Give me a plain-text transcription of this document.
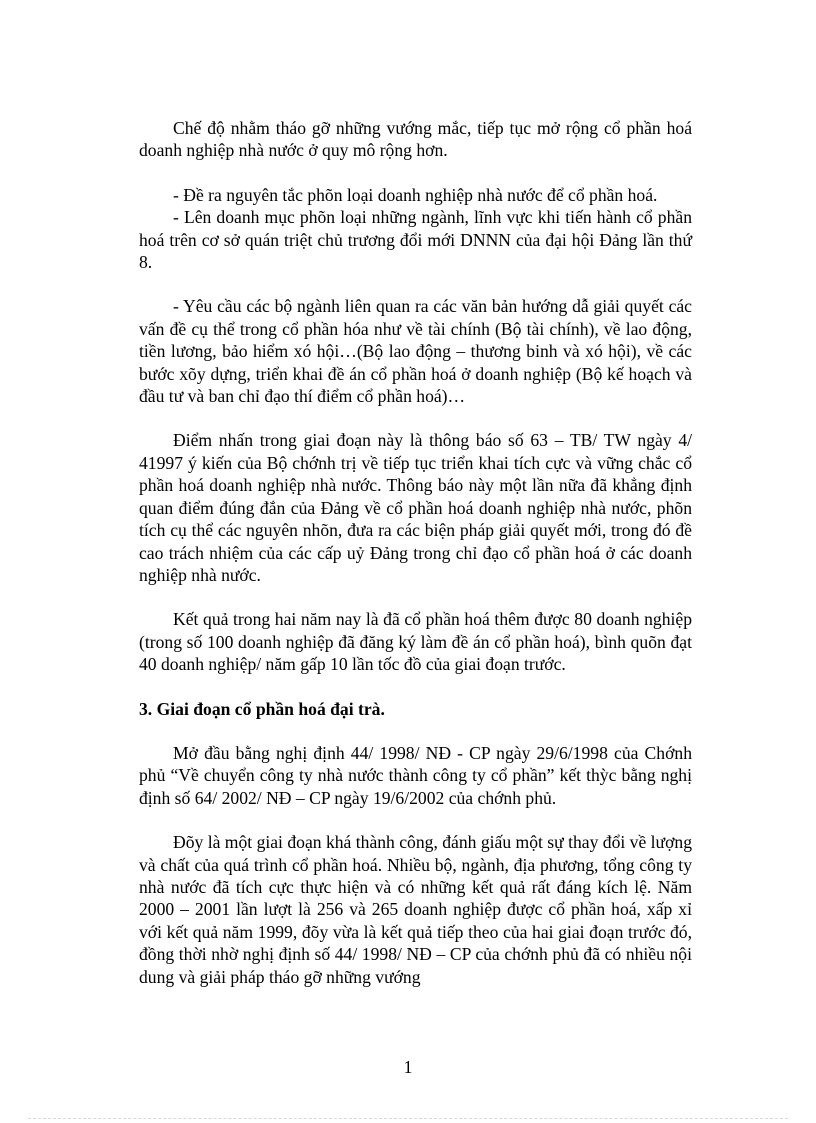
Chế độ nhằm tháo gỡ những vướng mắc, tiếp tục mở rộng cổ phần hoá doanh nghiệp nhà nước ở quy mô rộng hơn.

- Đề ra nguyên tắc phõn loại doanh nghiệp nhà nước để cổ phần hoá.

- Lên doanh mục phõn loại những ngành, lĩnh vực khi tiến hành cổ phần hoá trên cơ sở quán triệt chủ trương đổi mới DNNN của đại hội Đảng lần thứ 8.

- Yêu cầu các bộ ngành liên quan ra các văn bản hướng dẫ giải quyết các vấn đề cụ thể trong cổ phần hóa như về tài chính (Bộ tài chính), về lao động, tiền lương, bảo hiểm xó hội…(Bộ lao động – thương binh và xó hội), về các bước xõy dựng, triển khai đề án cổ phần hoá ở doanh nghiệp (Bộ kế hoạch và đầu tư và ban chỉ đạo thí điểm cổ phần hoá)…

Điểm nhấn trong giai đoạn này là thông báo số 63 – TB/ TW ngày 4/ 41997 ý kiến của Bộ chớnh trị về tiếp tục triển khai tích cực và vững chắc cổ phần hoá doanh nghiệp nhà nước. Thông báo này một lần nữa đã khẳng định quan điểm đúng đắn của Đảng về cổ phần hoá doanh nghiệp nhà nước, phõn tích cụ thể các nguyên nhõn, đưa ra các biện pháp giải quyết mới, trong đó đề cao trách nhiệm của các cấp uỷ Đảng trong chỉ đạo cổ phần hoá ở các doanh nghiệp nhà nước.

Kết quả trong hai năm nay là đã cổ phần hoá thêm được 80 doanh nghiệp (trong số 100 doanh nghiệp đã đăng ký làm đề án cổ phần hoá), bình quõn đạt 40 doanh nghiệp/ năm gấp 10 lần tốc đồ của giai đoạn trước.

3. Giai đoạn cổ phần hoá đại trà.

Mở đầu bằng nghị định 44/ 1998/ NĐ - CP ngày 29/6/1998 của Chớnh phủ “Về chuyển công ty nhà nước thành công ty cổ phần” kết thỳc bằng nghị định số 64/ 2002/ NĐ – CP ngày 19/6/2002 của chớnh phủ.

Đõy là một giai đoạn khá thành công, đánh giấu một sự thay đổi về lượng và chất của quá trình cổ phần hoá. Nhiều bộ, ngành, địa phương, tổng công ty nhà nước đã tích cực thực hiện và có những kết quả rất đáng kích lệ. Năm 2000 – 2001 lần lượt là 256 và 265 doanh nghiệp được cổ phần hoá, xấp xỉ với kết quả năm 1999, đõy vừa là kết quả tiếp theo của hai giai đoạn trước đó, đồng thời nhờ nghị định số 44/ 1998/ NĐ – CP của chớnh phủ đã có nhiều nội dung và giải pháp tháo gỡ những vướng

1
